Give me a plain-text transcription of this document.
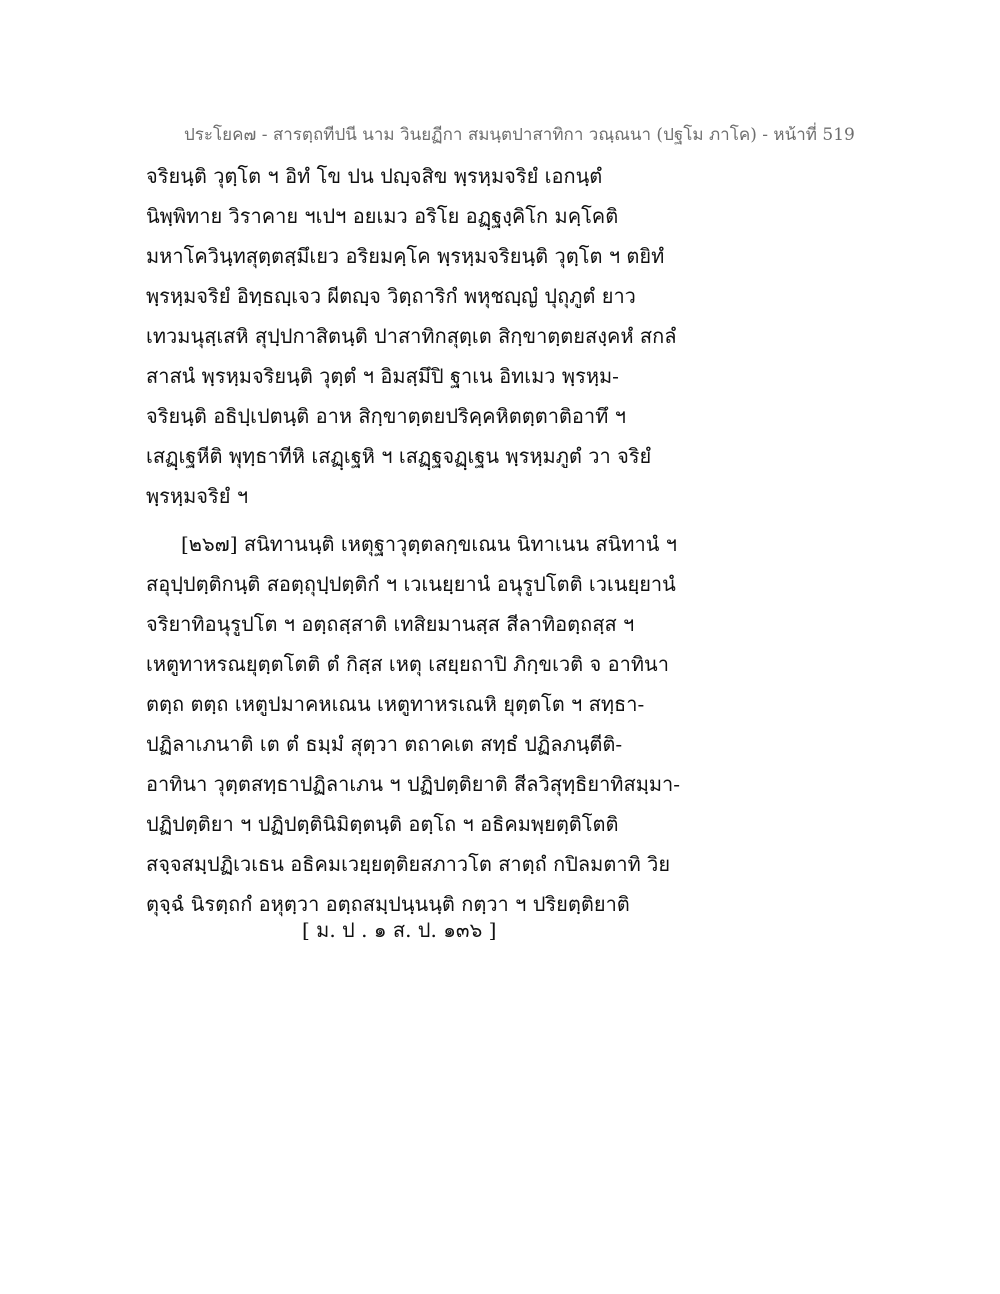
ประโยค๗ - สารตฺถทีปนี นาม วินยฏีกา สมนฺตปาสาทิกา วณฺณนา (ปฐโม ภาโค) - หน้าที่ 519
จริยนฺติ วุตฺโต ฯ อิทํ โข ปน ปญฺจสิข พฺรหฺมจริยํ เอกนฺตํ
นิพฺพิทาย วิราคาย ฯเปฯ อยเมว อริโย อฏฺฐงฺคิโก มคฺโคติ
มหาโควินฺทสุตฺตสฺมึเยว อริยมคฺโค พฺรหฺมจริยนฺติ วุตฺโต ฯ ตยิทํ
พฺรหฺมจริยํ อิทฺธญฺเจว ผีตญฺจ วิตฺถาริกํ พหุชญฺญํ ปุถุภูตํ ยาว
เทวมนุสฺเสหิ สุปฺปกาสิตนฺติ ปาสาทิกสุตฺเต สิกฺขาตฺตยสงฺคหํ สกลํ
สาสนํ พฺรหฺมจริยนฺติ วุตฺตํ ฯ อิมสฺมึปิ ฐาเน อิทเมว พฺรหฺม-
จริยนฺติ อธิปฺเปตนฺติ อาห สิกฺขาตฺตยปริคฺคหิตตฺตาติอาทึ ฯ
เสฏฺเฐหีติ พุทฺธาทีหิ เสฏฺเฐหิ ฯ เสฏฺฐจฏฺเฐน พฺรหฺมภูตํ วา จริยํ
พฺรหฺมจริยํ ฯ
[๒๖๗] สนิทานนฺติ เหตุฐาวุตฺตลกฺขเณน นิทาเนน สนิทานํ ฯ
สอุปฺปตฺติกนฺติ สอตฺถุปฺปตฺติกํ ฯ เวเนยฺยานํ อนุรูปโตติ เวเนยฺยานํ
จริยาทิอนุรูปโต ฯ อตฺถสฺสาติ เทสิยมานสฺส สีลาทิอตฺถสฺส ฯ
เหตูทาหรณยุตฺตโตติ ตํ กิสฺส เหตุ เสยฺยถาปิ ภิกฺขเวติ จ อาทินา
ตตฺถ ตตฺถ เหตูปมาคหเณน เหตูทาหรเณหิ ยุตฺตโต ฯ สทฺธา-
ปฏิลาเภนาติ เต ตํ ธมฺมํ สุตฺวา ตถาคเต สทฺธํ ปฏิลภนฺตีติ-
อาทินา วุตฺตสทฺธาปฏิลาเภน ฯ ปฏิปตฺติยาติ สีลวิสุทฺธิยาทิสมฺมา-
ปฏิปตฺติยา ฯ ปฏิปตฺตินิมิตฺตนฺติ อตฺโถ ฯ อธิคมพฺยตฺติโตติ
สจฺจสมฺปฏิเวเธน อธิคมเวยฺยตฺติยสภาวโต สาตฺถํ กปิลมตาทิ วิย
ตุจฺฉํ นิรตฺถกํ อหุตฺวา อตฺถสมฺปนฺนนฺติ กตฺวา ฯ ปริยตฺติยาติ
[ ม. ป . ๑ ส. ป. ๑๓๖ ]
